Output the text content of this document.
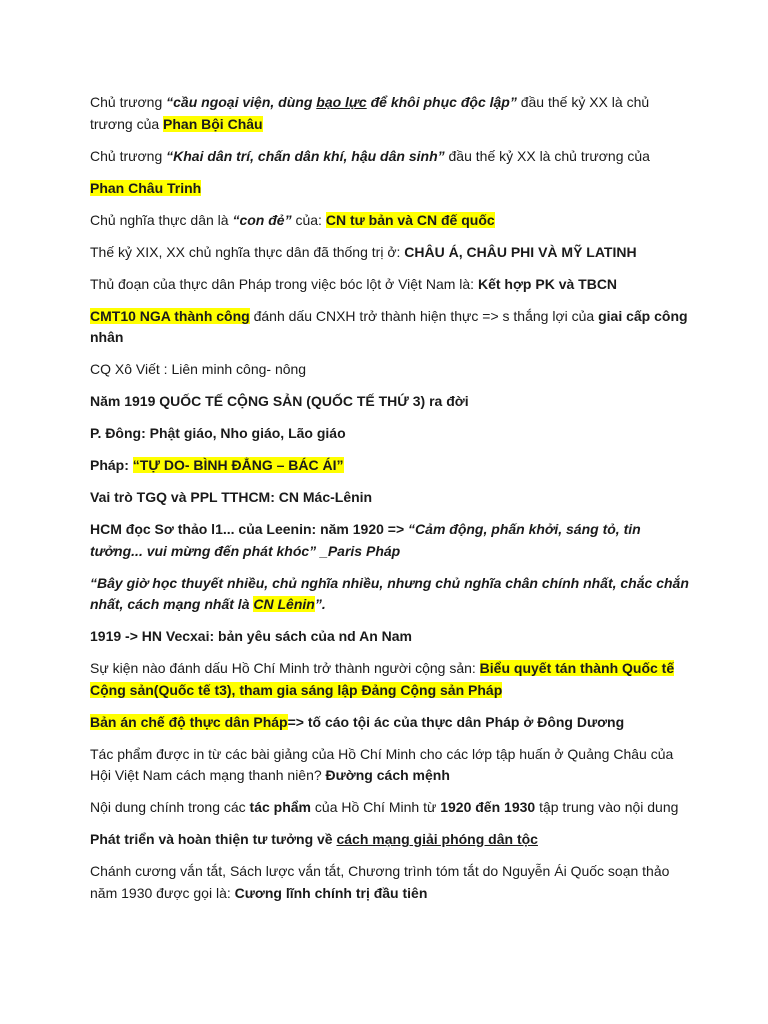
Chủ trương “cầu ngoại viện, dùng bạo lực để khôi phục độc lập” đầu thế kỷ XX là chủ trương của Phan Bội Châu

Chủ trương “Khai dân trí, chấn dân khí, hậu dân sinh” đầu thế kỷ XX là chủ trương của

Phan Châu Trinh

Chủ nghĩa thực dân là “con đẻ” của: CN tư bản và CN đế quốc

Thế kỷ XIX, XX chủ nghĩa thực dân đã thống trị ở: CHÂU Á, CHÂU PHI VÀ MỸ LATINH

Thủ đoạn của thực dân Pháp trong việc bóc lột ở Việt Nam là: Kết hợp PK và TBCN

CMT10 NGA thành công đánh dấu CNXH trở thành hiện thực => s thắng lợi của giai cấp công nhân

CQ Xô Viết : Liên minh công- nông

Năm 1919 QUỐC TẾ CỘNG SẢN (QUỐC TẾ THỨ 3) ra đời

P. Đông: Phật giáo, Nho giáo, Lão giáo

Pháp: “TỰ DO- BÌNH ĐẲNG – BÁC ÁI”

Vai trò TGQ và PPL TTHCM: CN Mác-Lênin

HCM đọc Sơ thảo l1... của Leenin: năm 1920 => “Cảm động, phấn khởi, sáng tỏ, tin tưởng... vui mừng đến phát khóc” _Paris Pháp

“Bây giờ học thuyết nhiều, chủ nghĩa nhiều, nhưng chủ nghĩa chân chính nhất, chắc chắn nhất, cách mạng nhất là CN Lênin”.

1919 -> HN Vecxai: bản yêu sách của nd An Nam

Sự kiện nào đánh dấu Hồ Chí Minh trở thành người cộng sản: Biểu quyết tán thành Quốc tế Cộng sản(Quốc tế t3), tham gia sáng lập Đảng Cộng sản Pháp

Bản án chế độ thực dân Pháp=> tố cáo tội ác của thực dân Pháp ở Đông Dương

Tác phẩm được in từ các bài giảng của Hồ Chí Minh cho các lớp tập huấn ở Quảng Châu của Hội Việt Nam cách mạng thanh niên? Đường cách mệnh

Nội dung chính trong các tác phẩm của Hồ Chí Minh từ 1920 đến 1930 tập trung vào nội dung

Phát triển và hoàn thiện tư tưởng về cách mạng giải phóng dân tộc

Chánh cương vắn tắt, Sách lược vắn tắt, Chương trình tóm tắt do Nguyễn Ái Quốc soạn thảo năm 1930 được gọi là: Cương lĩnh chính trị đầu tiên
